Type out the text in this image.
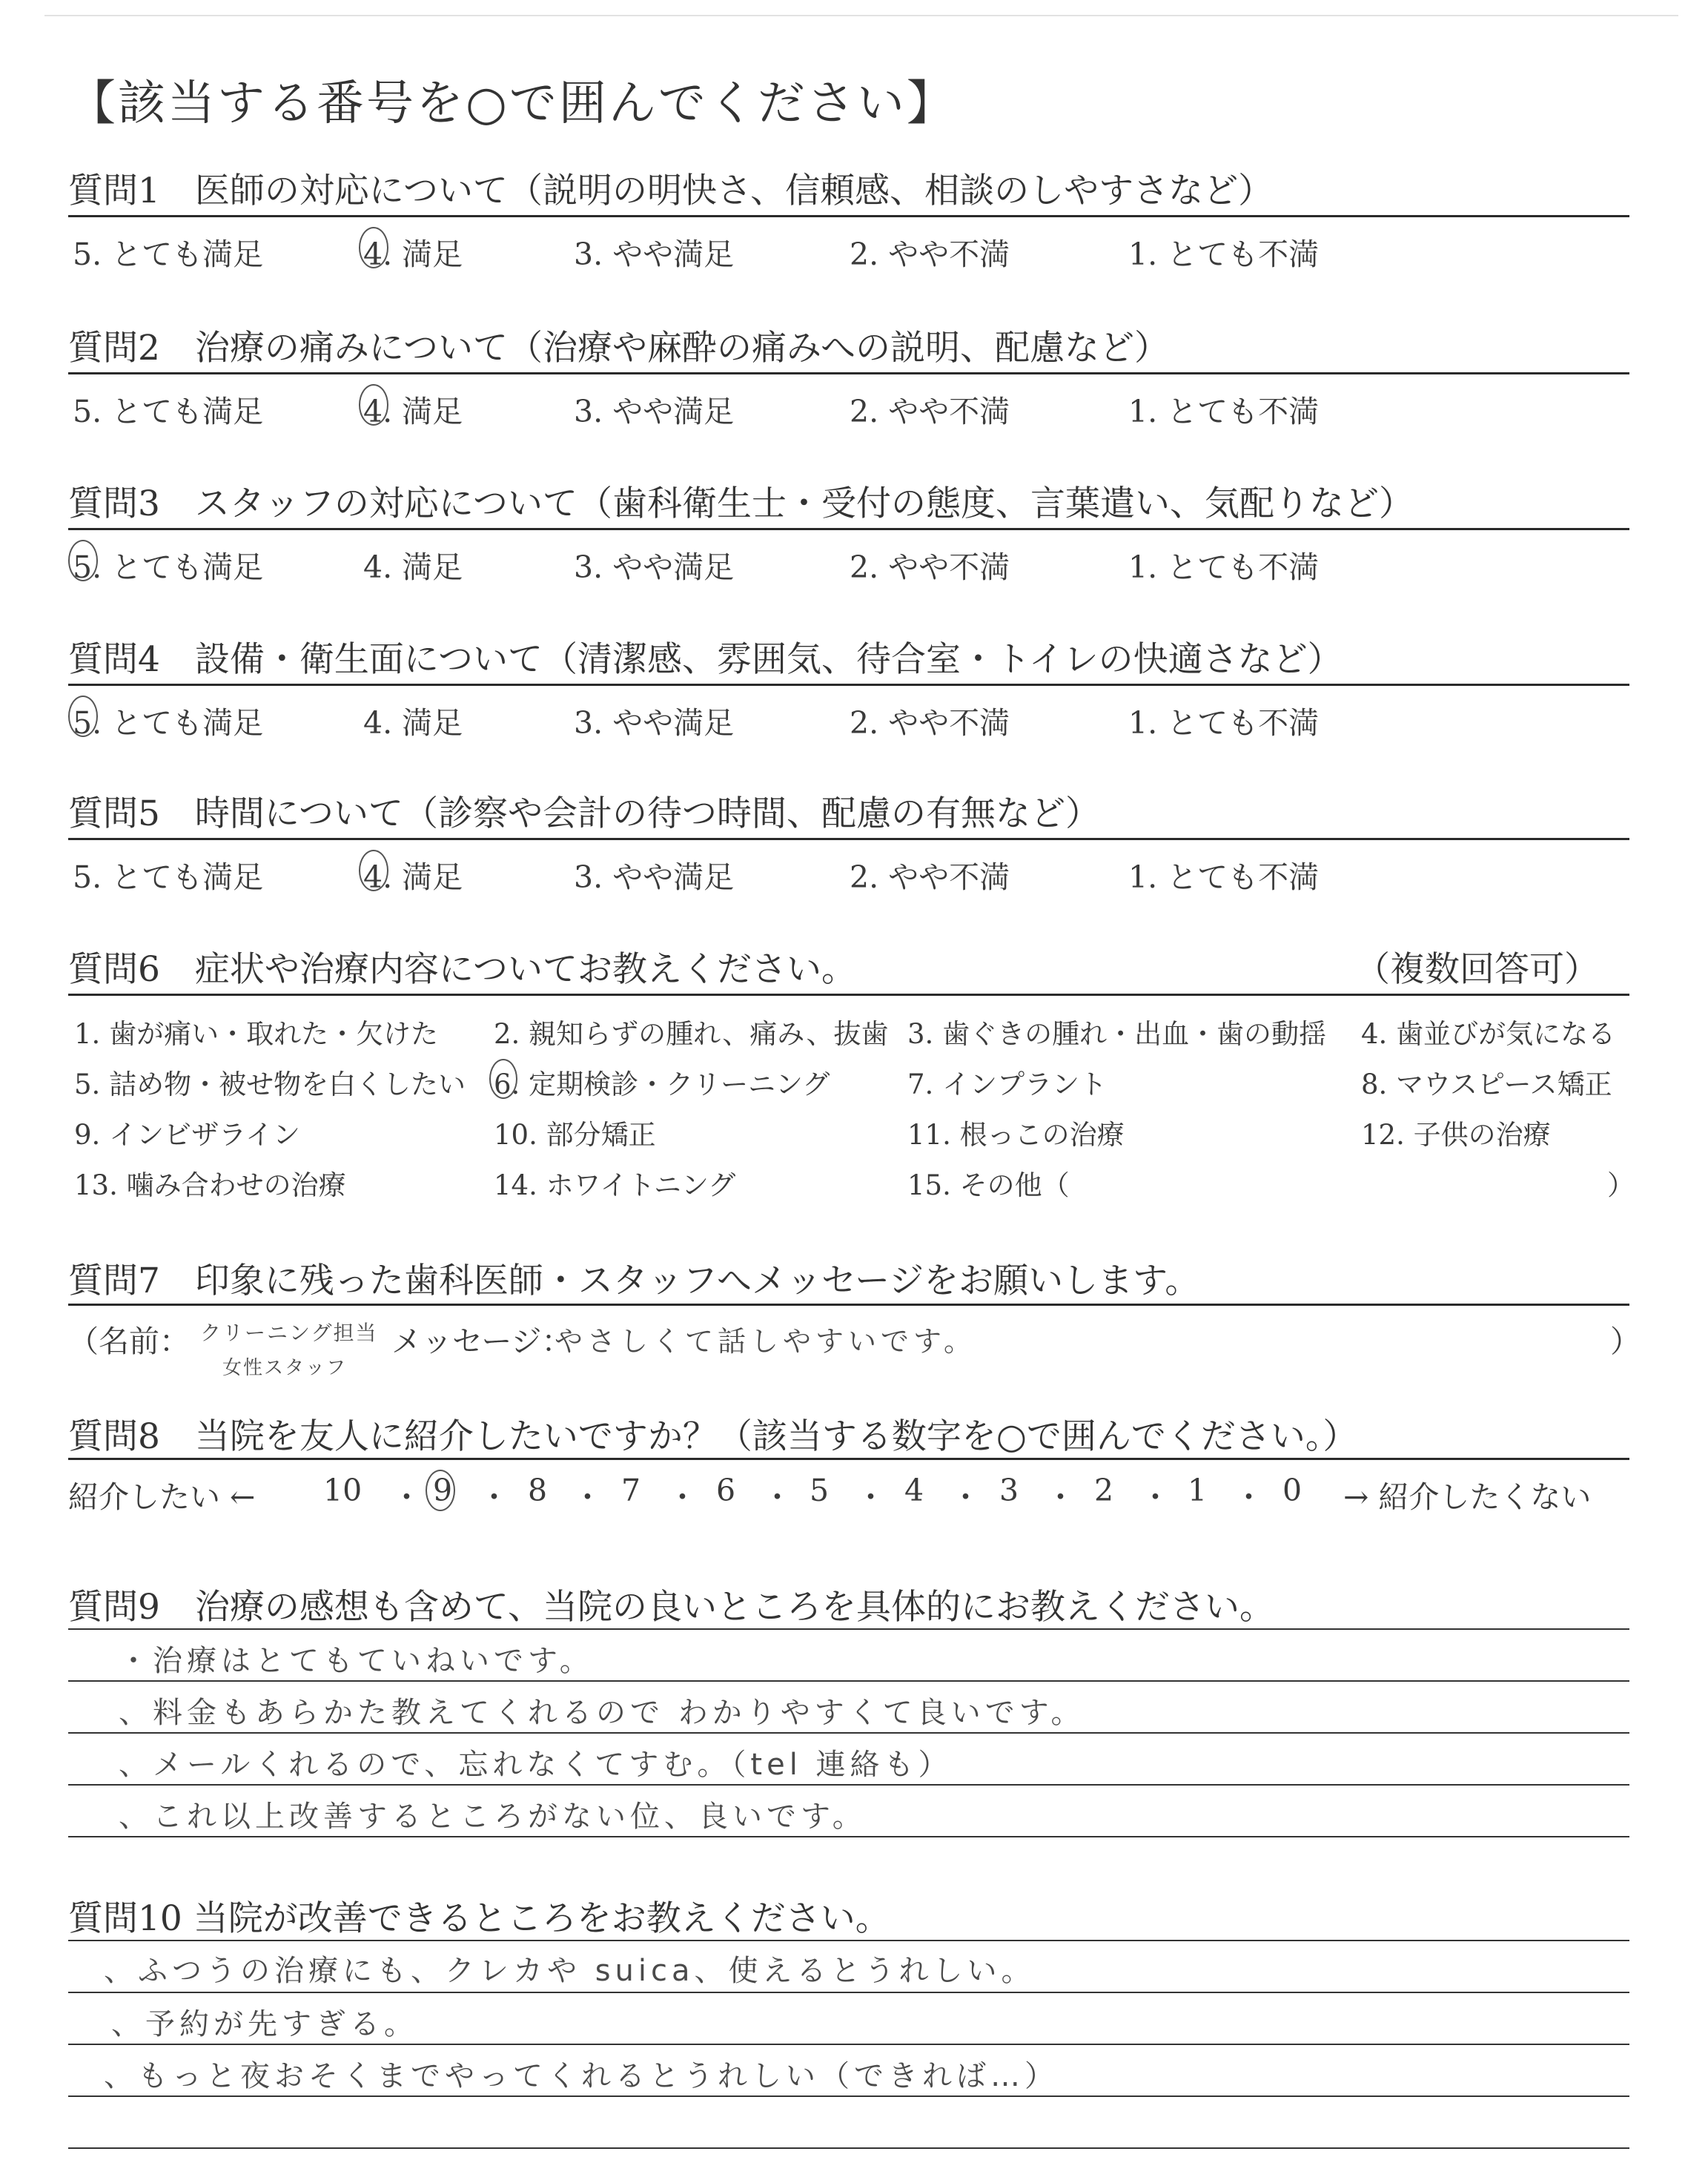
【該当する番号を○で囲んでください】
質問1　医師の対応について（説明の明快さ、信頼感、相談のしやすさなど）
5. とても満足	4. 満足	3. やや満足	2. やや不満	1. とても不満
質問2　治療の痛みについて（治療や麻酔の痛みへの説明、配慮など）
5. とても満足	4. 満足	3. やや満足	2. やや不満	1. とても不満
質問3　スタッフの対応について（歯科衛生士・受付の態度、言葉遣い、気配りなど）
5. とても満足	4. 満足	3. やや満足	2. やや不満	1. とても不満
質問4　設備・衛生面について（清潔感、雰囲気、待合室・トイレの快適さなど）
5. とても満足	4. 満足	3. やや満足	2. やや不満	1. とても不満
質問5　時間について（診察や会計の待つ時間、配慮の有無など）
5. とても満足	4. 満足	3. やや満足	2. やや不満	1. とても不満
質問6　症状や治療内容についてお教えください。	（複数回答可）
1. 歯が痛い・取れた・欠けた 2. 親知らずの腫れ、痛み、抜歯 3. 歯ぐきの腫れ・出血・歯の動揺 4. 歯並びが気になる
5. 詰め物・被せ物を白くしたい 6. 定期検診・クリーニング	7. インプラント	8. マウスピース矯正
9. インビザライン	10. 部分矯正	11. 根っこの治療	12. 子供の治療
13. 噛み合わせの治療	14. ホワイトニング	15. その他（	）
質問7　印象に残った歯科医師・スタッフへメッセージをお願いします。
（名前： クリーニング担当
女性スタッフ
メッセージ：
やさしくて話しやすいです。	）
質問8　当院を友人に紹介したいですか？（該当する数字を○で囲んでください。）
紹介したい ←	→ 紹介したくない
10 ・ 9 ・ 8 ・ 7 ・ 6 ・ 5 ・ 4 ・ 3 ・ 2 ・ 1 ・ 0
質問9　治療の感想も含めて、当院の良いところを具体的にお教えください。
・治療はとてもていねいです。
、料金もあらかた教えてくれるので わかりやすくて良いです。
、メールくれるので、忘れなくてすむ。（tel 連絡も）
、これ以上改善するところがない位、良いです。
質問10 当院が改善できるところをお教えください。
、ふつうの治療にも、クレカや suica、使えるとうれしい。
、予約が先すぎる。
、もっと夜おそくまでやってくれるとうれしい（できれば…）
